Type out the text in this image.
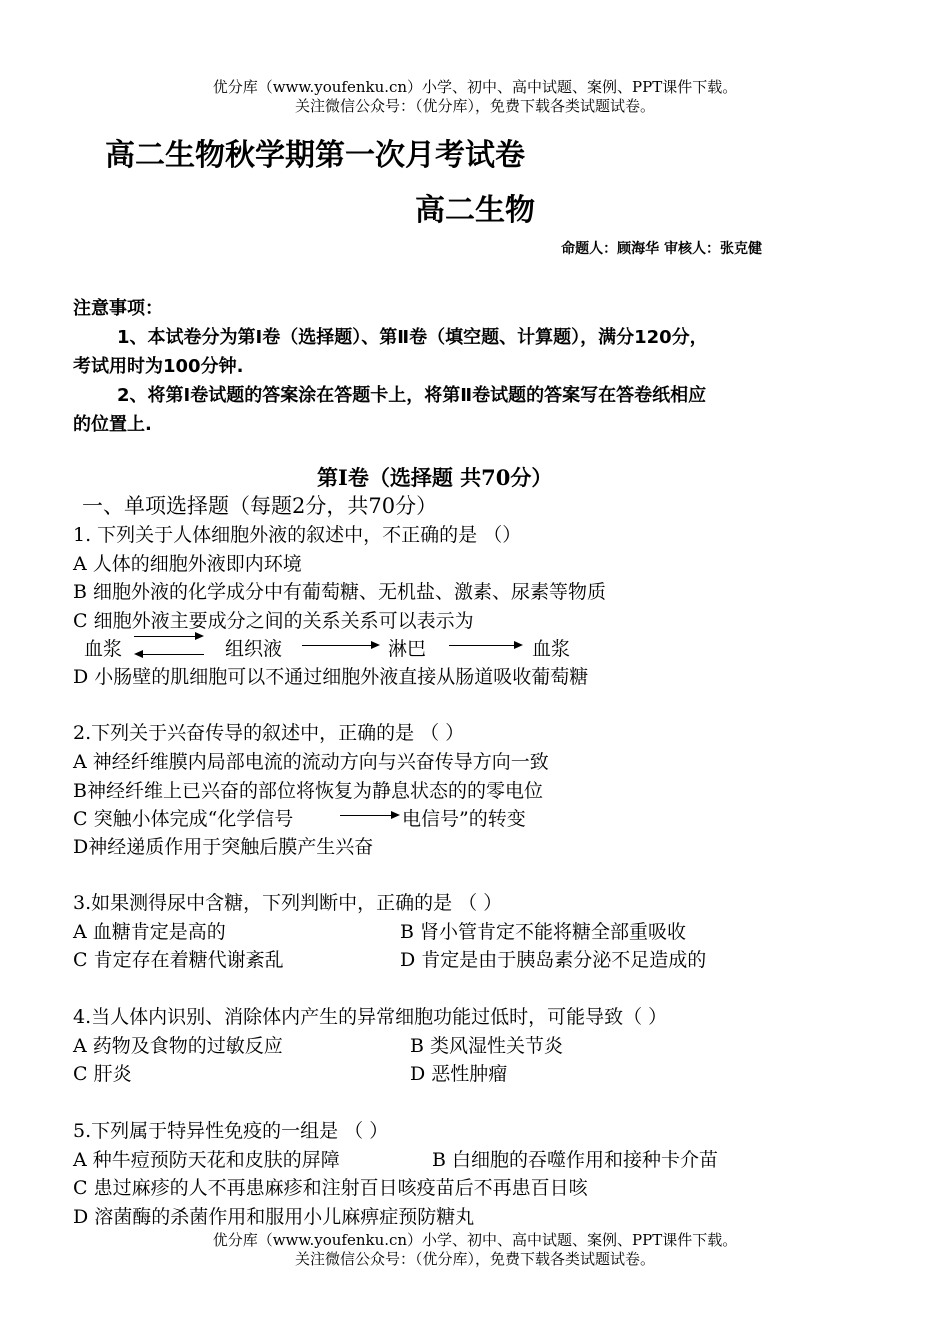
优分库（www.youfenku.cn）小学、初中、高中试题、案例、PPT课件下载。
关注微信公众号：（优分库），免费下载各类试题试卷。
高二生物秋学期第一次月考试卷
高二生物
命题人：顾海华 审核人：张克健
注意事项：
1、本试卷分为第Ⅰ卷（选择题）、第Ⅱ卷（填空题、计算题），满分120分，
考试用时为100分钟.
2、将第Ⅰ卷试题的答案涂在答题卡上，将第Ⅱ卷试题的答案写在答卷纸相应
的位置上.
第Ⅰ卷（选择题 共70分）
一、单项选择题（每题2分，共70分）
1. 下列关于人体细胞外液的叙述中，不正确的是 （）
A 人体的细胞外液即内环境
B 细胞外液的化学成分中有葡萄糖、无机盐、激素、尿素等物质
C 细胞外液主要成分之间的关系关系可以表示为
血浆	组织液	淋巴	血浆
D 小肠壁的肌细胞可以不通过细胞外液直接从肠道吸收葡萄糖
2.下列关于兴奋传导的叙述中，正确的是 （ ）
A 神经纤维膜内局部电流的流动方向与兴奋传导方向一致
B神经纤维上已兴奋的部位将恢复为静息状态的的零电位
C 突触小体完成“化学信号	电信号”的转变
D神经递质作用于突触后膜产生兴奋
3.如果测得尿中含糖，下列判断中，正确的是 （ ）
A 血糖肯定是高的	B 肾小管肯定不能将糖全部重吸收
C 肯定存在着糖代谢紊乱	D 肯定是由于胰岛素分泌不足造成的
4.当人体内识别、消除体内产生的异常细胞功能过低时，可能导致（ ）
A 药物及食物的过敏反应	B 类风湿性关节炎
C 肝炎	D 恶性肿瘤
5.下列属于特异性免疫的一组是 （ ）
A 种牛痘预防天花和皮肤的屏障	B 白细胞的吞噬作用和接种卡介苗
C 患过麻疹的人不再患麻疹和注射百日咳疫苗后不再患百日咳
D 溶菌酶的杀菌作用和服用小儿麻痹症预防糖丸
优分库（www.youfenku.cn）小学、初中、高中试题、案例、PPT课件下载。
关注微信公众号：（优分库），免费下载各类试题试卷。
